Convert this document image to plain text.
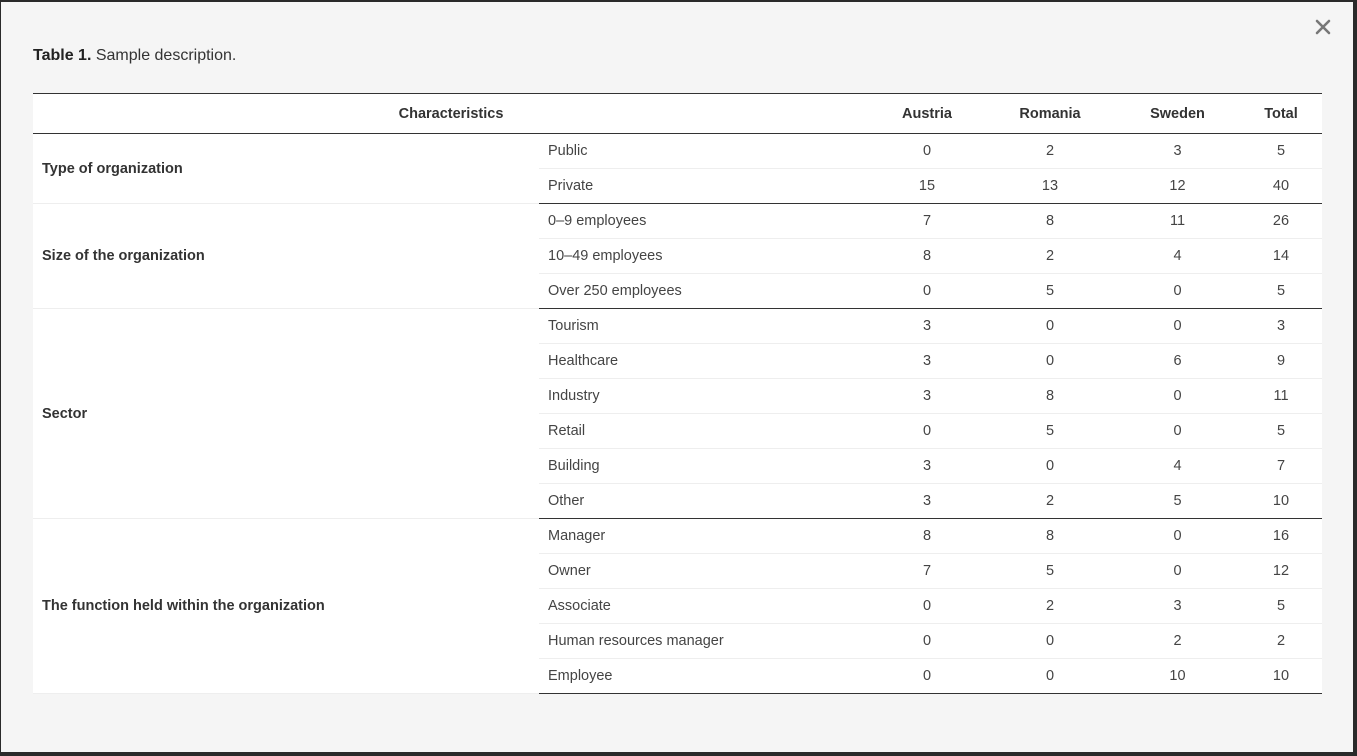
Table 1. Sample description.
Characteristics		Austria	Romania	Sweden	Total
Type of organization	Public	0	2	3	5
	Private	15	13	12	40
Size of the organization	0–9 employees	7	8	11	26
	10–49 employees	8	2	4	14
	Over 250 employees	0	5	0	5
Sector	Tourism	3	0	0	3
	Healthcare	3	0	6	9
	Industry	3	8	0	11
	Retail	0	5	0	5
	Building	3	0	4	7
	Other	3	2	5	10
The function held within the organization	Manager	8	8	0	16
	Owner	7	5	0	12
	Associate	0	2	3	5
	Human resources manager	0	0	2	2
	Employee	0	0	10	10
